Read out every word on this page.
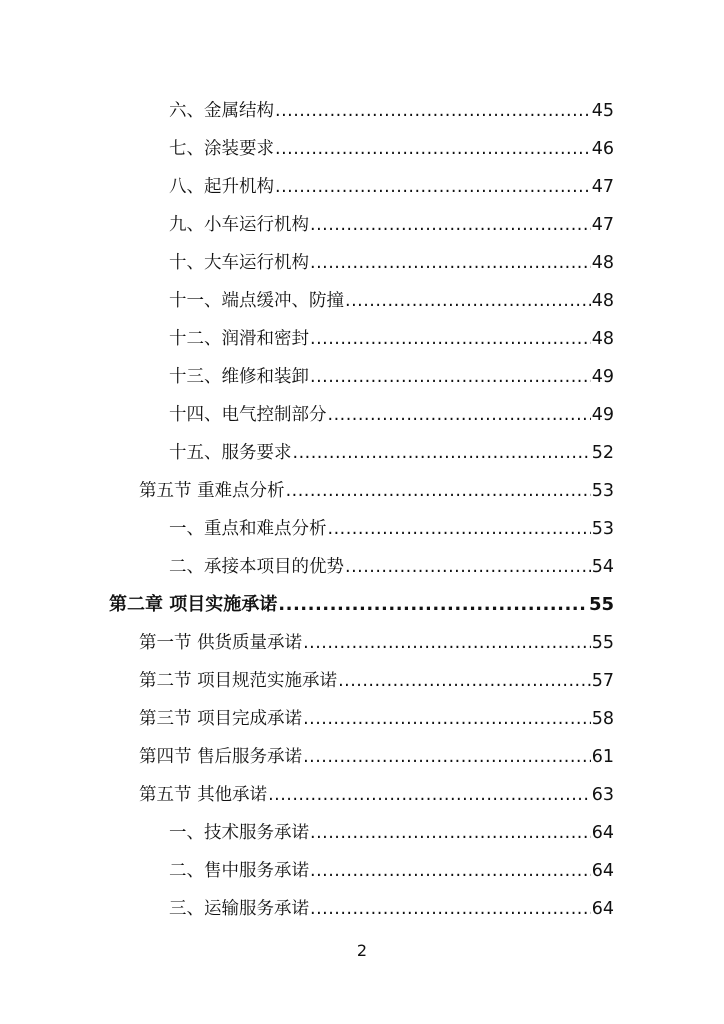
六、金属结构 .....	45
七、涂装要求 .....	46
八、起升机构 .....	47
九、小车运行机构 .....	47
十、大车运行机构 .....	48
十一、端点缓冲、防撞 .....	48
十二、润滑和密封 .....	48
十三、维修和装卸 .....	49
十四、电气控制部分 .....	49
十五、服务要求 .....	52
第五节 重难点分析 .....	53
一、重点和难点分析 .....	53
二、承接本项目的优势 .....	54
第二章 项目实施承诺 .....	55
第一节 供货质量承诺 .....	55
第二节 项目规范实施承诺 .....	57
第三节 项目完成承诺 .....	58
第四节 售后服务承诺 .....	61
第五节 其他承诺 .....	63
一、技术服务承诺 .....	64
二、售中服务承诺 .....	64
三、运输服务承诺 .....	64
2
